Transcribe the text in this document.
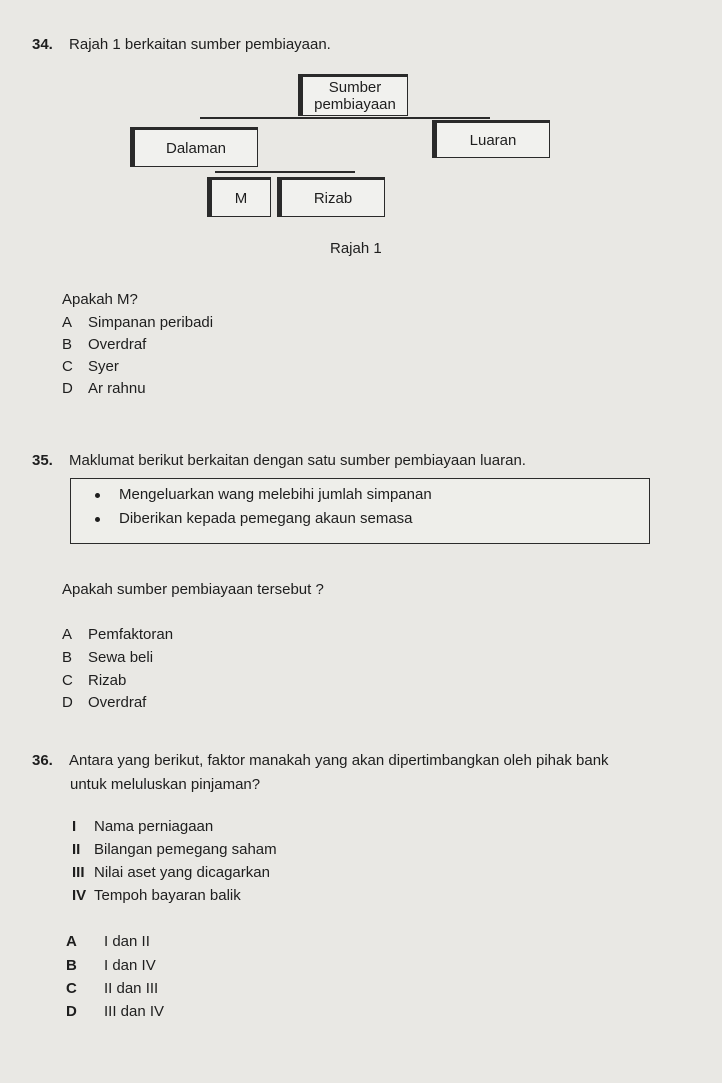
34. Rajah 1 berkaitan sumber pembiayaan.
Sumber
pembiayaan
Dalaman	Luaran
M	Rizab
Rajah 1
Apakah M?
A Simpanan peribadi
B Overdraf
C Syer
D Ar rahnu
35. Maklumat berikut berkaitan dengan satu sumber pembiayaan luaran.
Mengeluarkan wang melebihi jumlah simpanan
Diberikan kepada pemegang akaun semasa
Apakah sumber pembiayaan tersebut ?
A Pemfaktoran
B Sewa beli
C Rizab
D Overdraf
36. Antara yang berikut, faktor manakah yang akan dipertimbangkan oleh pihak bank
untuk meluluskan pinjaman?
I Nama perniagaan
II Bilangan pemegang saham
III Nilai aset yang dicagarkan
IV Tempoh bayaran balik
A I dan II
B I dan IV
C II dan III
D III dan IV
